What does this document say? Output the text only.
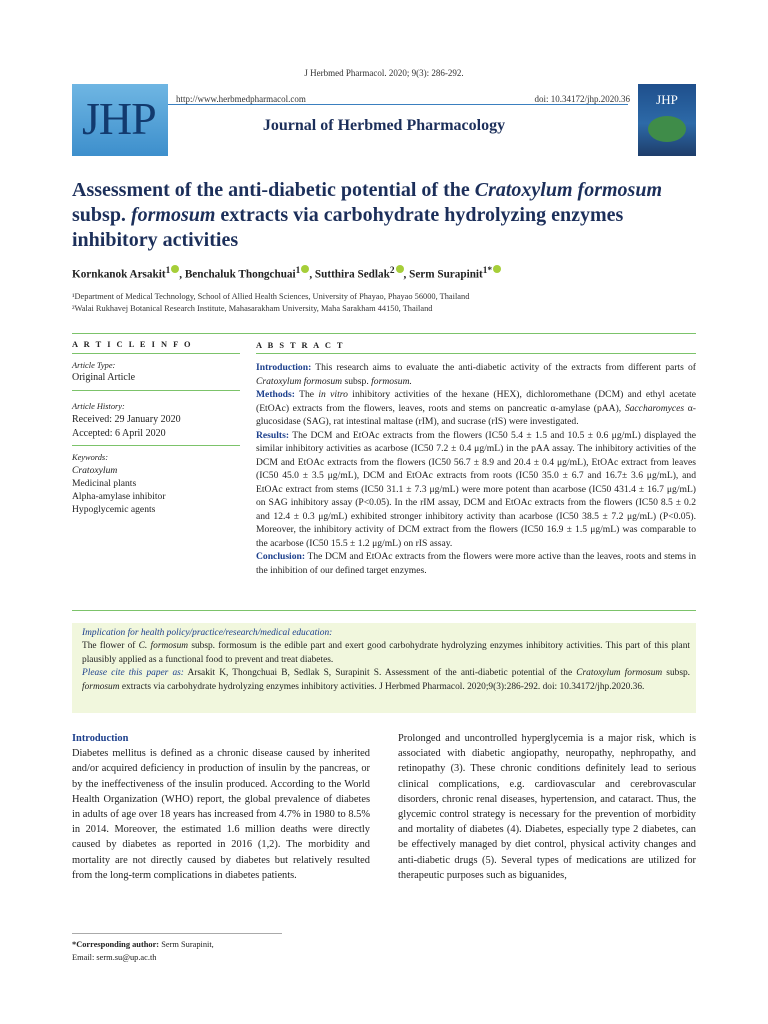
J Herbmed Pharmacol. 2020; 9(3): 286-292.
JHP http://www.herbmedpharmacol.com	doi: 10.34172/jhp.2020.36
Journal of Herbmed Pharmacology
JHP
Assessment of the anti-diabetic potential of the Cratoxylum formosum subsp. formosum extracts via carbohydrate hydrolyzing enzymes inhibitory activities
Kornkanok Arsakit$^1$ , Benchaluk Thongchuai$^1$ , Sutthira Sedlak$^2$ , Serm Surapinit$^{1*}$
¹Department of Medical Technology, School of Allied Health Sciences, University of Phayao, Phayao 56000, Thailand
²Walai Rukhavej Botanical Research Institute, Mahasarakham University, Maha Sarakham 44150, Thailand
A R T I C L E I N F O	A B S T R A C T
Article Type:
Original Article
Article History:
Received: 29 January 2020
Accepted: 6 April 2020
Keywords:
Cratoxylum
Medicinal plants
Alpha-amylase inhibitor
Hypoglycemic agents

Introduction: This research aims to evaluate the anti-diabetic activity of the extracts from different parts of Cratoxylum formosum subsp. formosum.

Methods: The in vitro inhibitory activities of the hexane (HEX), dichloromethane (DCM) and ethyl acetate (EtOAc) extracts from the flowers, leaves, roots and stems on pancreatic α-amylase (pAA), Saccharomyces α-glucosidase (SAG), rat intestinal maltase (rIM), and sucrase (rIS) were investigated.

Results: The DCM and EtOAc extracts from the flowers (IC50 5.4 ± 1.5 and 10.5 ± 0.6 μg/mL) displayed the similar inhibitory activities as acarbose (IC50 7.2 ± 0.4 μg/mL) in the pAA assay. The inhibitory activities of the DCM and EtOAc extracts from the flowers (IC50 56.7 ± 8.9 and 20.4 ± 0.4 μg/mL), EtOAc extract from leaves (IC50 45.0 ± 3.5 μg/mL), DCM and EtOAc extracts from roots (IC50 35.0 ± 6.7 and 16.7± 3.6 μg/mL), and EtOAc extract from stems (IC50 31.1 ± 7.3 μg/mL) were more potent than acarbose (IC50 431.4 ± 16.7 μg/mL) on SAG inhibitory assay (P<0.05). In the rIM assay, DCM and EtOAc extracts from the flowers (IC50 8.5 ± 0.2 and 12.4 ± 0.3 μg/mL) exhibited stronger inhibitory activity than acarbose (IC50 38.5 ± 7.2 μg/mL) (P<0.05). Moreover, the inhibitory activity of DCM extract from the flowers (IC50 16.9 ± 1.5 μg/mL) was comparable to the acarbose (IC50 15.5 ± 1.2 μg/mL) on rIS assay.

Conclusion: The DCM and EtOAc extracts from the flowers were more active than the leaves, roots and stems in the inhibition of our defined target enzymes.

Implication for health policy/practice/research/medical education:

The flower of C. formosum subsp. formosum is the edible part and exert good carbohydrate hydrolyzing enzymes inhibitory activities. This part of this plant plausibly applied as a functional food to prevent and treat diabetes.

Please cite this paper as: Arsakit K, Thongchuai B, Sedlak S, Surapinit S. Assessment of the anti-diabetic potential of the Cratoxylum formosum subsp. formosum extracts via carbohydrate hydrolyzing enzymes inhibitory activities. J Herbmed Pharmacol. 2020;9(3):286-292. doi: 10.34172/jhp.2020.36.

Introduction

Diabetes mellitus is defined as a chronic disease caused by inherited and/or acquired deficiency in production of insulin by the pancreas, or by the ineffectiveness of the insulin produced. According to the World Health Organization (WHO) report, the global prevalence of diabetes in adults of age over 18 years has increased from 4.7% in 1980 to 8.5% in 2014. Moreover, the estimated 1.6 million deaths were directly caused by diabetes as reported in 2016 (1,2). The morbidity and mortality are not directly caused by diabetes but relatively resulted from the long-term complications in diabetes patients.

Prolonged and uncontrolled hyperglycemia is a major risk, which is associated with diabetic angiopathy, neuropathy, nephropathy, and retinopathy (3). These chronic conditions definitely lead to serious clinical complications, e.g. cardiovascular and cerebrovascular disorders, chronic renal diseases, hypertension, and cataract. Thus, the glycemic control strategy is necessary for the prevention of morbidity and mortality of diabetes (4). Diabetes, especially type 2 diabetes, can be effectively managed by diet control, physical activity changes and anti-diabetic drugs (5). Several types of medications are utilized for therapeutic purposes such as biguanides,

*Corresponding author: Serm Surapinit,
Email: serm.su@up.ac.th
